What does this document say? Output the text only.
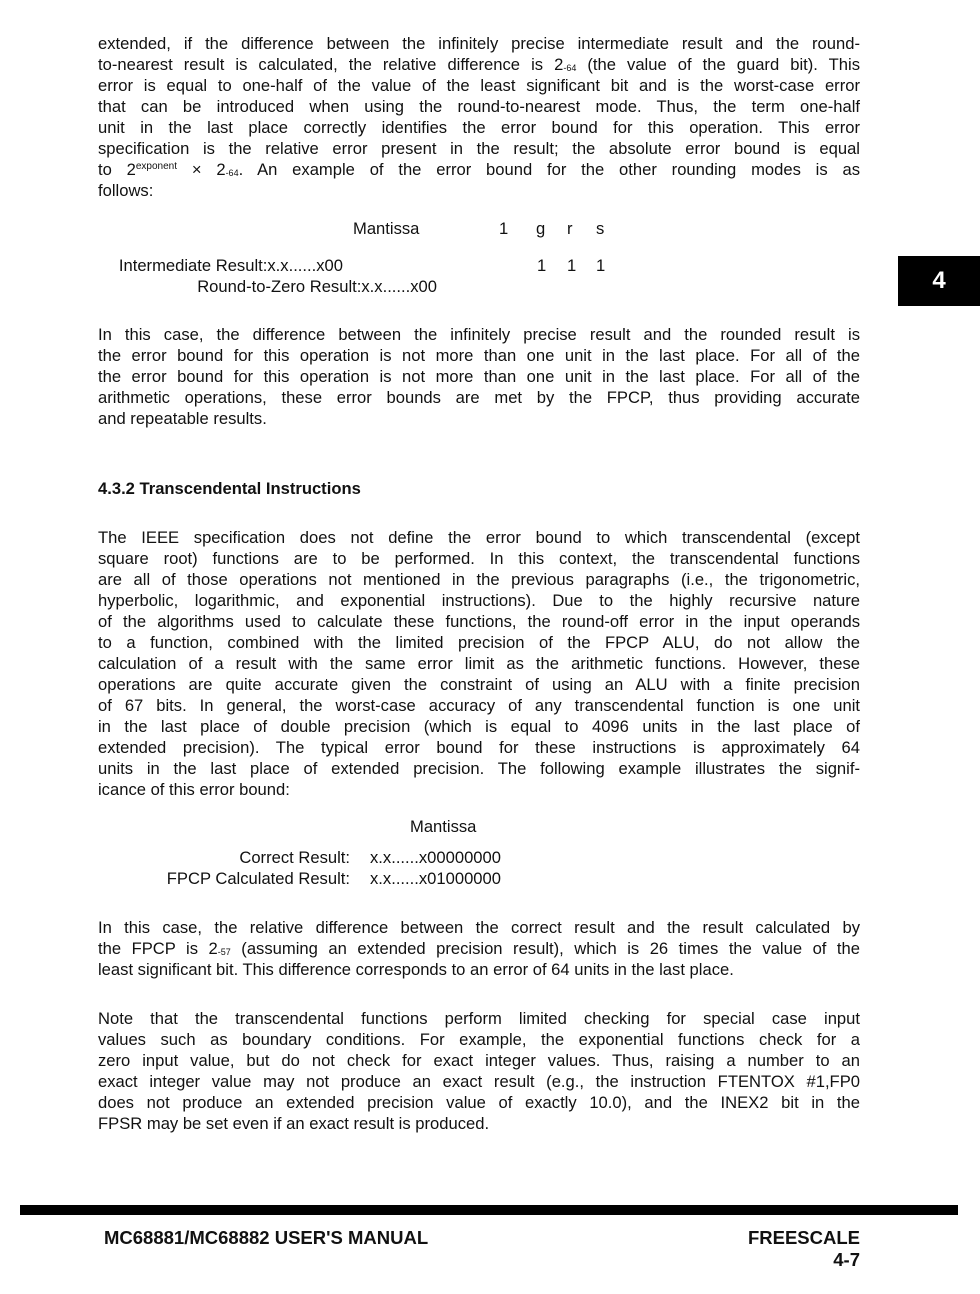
4
extended, if the difference between the infinitely precise intermediate result and the round-
to-nearest result is calculated, the relative difference is $2_{-64}$ (the value of the guard bit). This
error is equal to one-half of the value of the least significant bit and is the worst-case error
that can be introduced when using the round-to-nearest mode. Thus, the term one-half
unit in the last place correctly identifies the error bound for this operation. This error
specification is the relative error present in the result; the absolute error bound is equal
to $2^{exponent} \times 2_{-64}$. An example of the error bound for the other rounding modes is as
follows:
Mantissa	1 g r s
Intermediate Result:x.x......x00	1 1 1
Round-to-Zero Result:x.x......x00
In this case, the difference between the infinitely precise result and the rounded result is
the error bound for this operation is not more than one unit in the last place. For all of the
the error bound for this operation is not more than one unit in the last place. For all of the
arithmetic operations, these error bounds are met by the FPCP, thus providing accurate
and repeatable results.
4.3.2 Transcendental Instructions
The IEEE specification does not define the error bound to which transcendental (except
square root) functions are to be performed. In this context, the transcendental functions
are all of those operations not mentioned in the previous paragraphs (i.e., the trigonometric,
hyperbolic, logarithmic, and exponential instructions). Due to the highly recursive nature
of the algorithms used to calculate these functions, the round-off error in the input operands
to a function, combined with the limited precision of the FPCP ALU, do not allow the
calculation of a result with the same error limit as the arithmetic functions. However, these
operations are quite accurate given the constraint of using an ALU with a finite precision
of 67 bits. In general, the worst-case accuracy of any transcendental function is one unit
in the last place of double precision (which is equal to 4096 units in the last place of
extended precision). The typical error bound for these instructions is approximately 64
units in the last place of extended precision. The following example illustrates the signif-
icance of this error bound:
Mantissa
Correct Result: x.x......x00000000
FPCP Calculated Result: x.x......x01000000
In this case, the relative difference between the correct result and the result calculated by
the FPCP is $2_{-57}$ (assuming an extended precision result), which is 26 times the value of the
least significant bit. This difference corresponds to an error of 64 units in the last place.
Note that the transcendental functions perform limited checking for special case input
values such as boundary conditions. For example, the exponential functions check for a
zero input value, but do not check for exact integer values. Thus, raising a number to an
exact integer value may not produce an exact result (e.g., the instruction FTENTOX #1,FP0
does not produce an extended precision value of exactly 10.0), and the INEX2 bit in the
FPSR may be set even if an exact result is produced.
MC68881/MC68882 USER'S MANUAL	FREESCALE
4-7
